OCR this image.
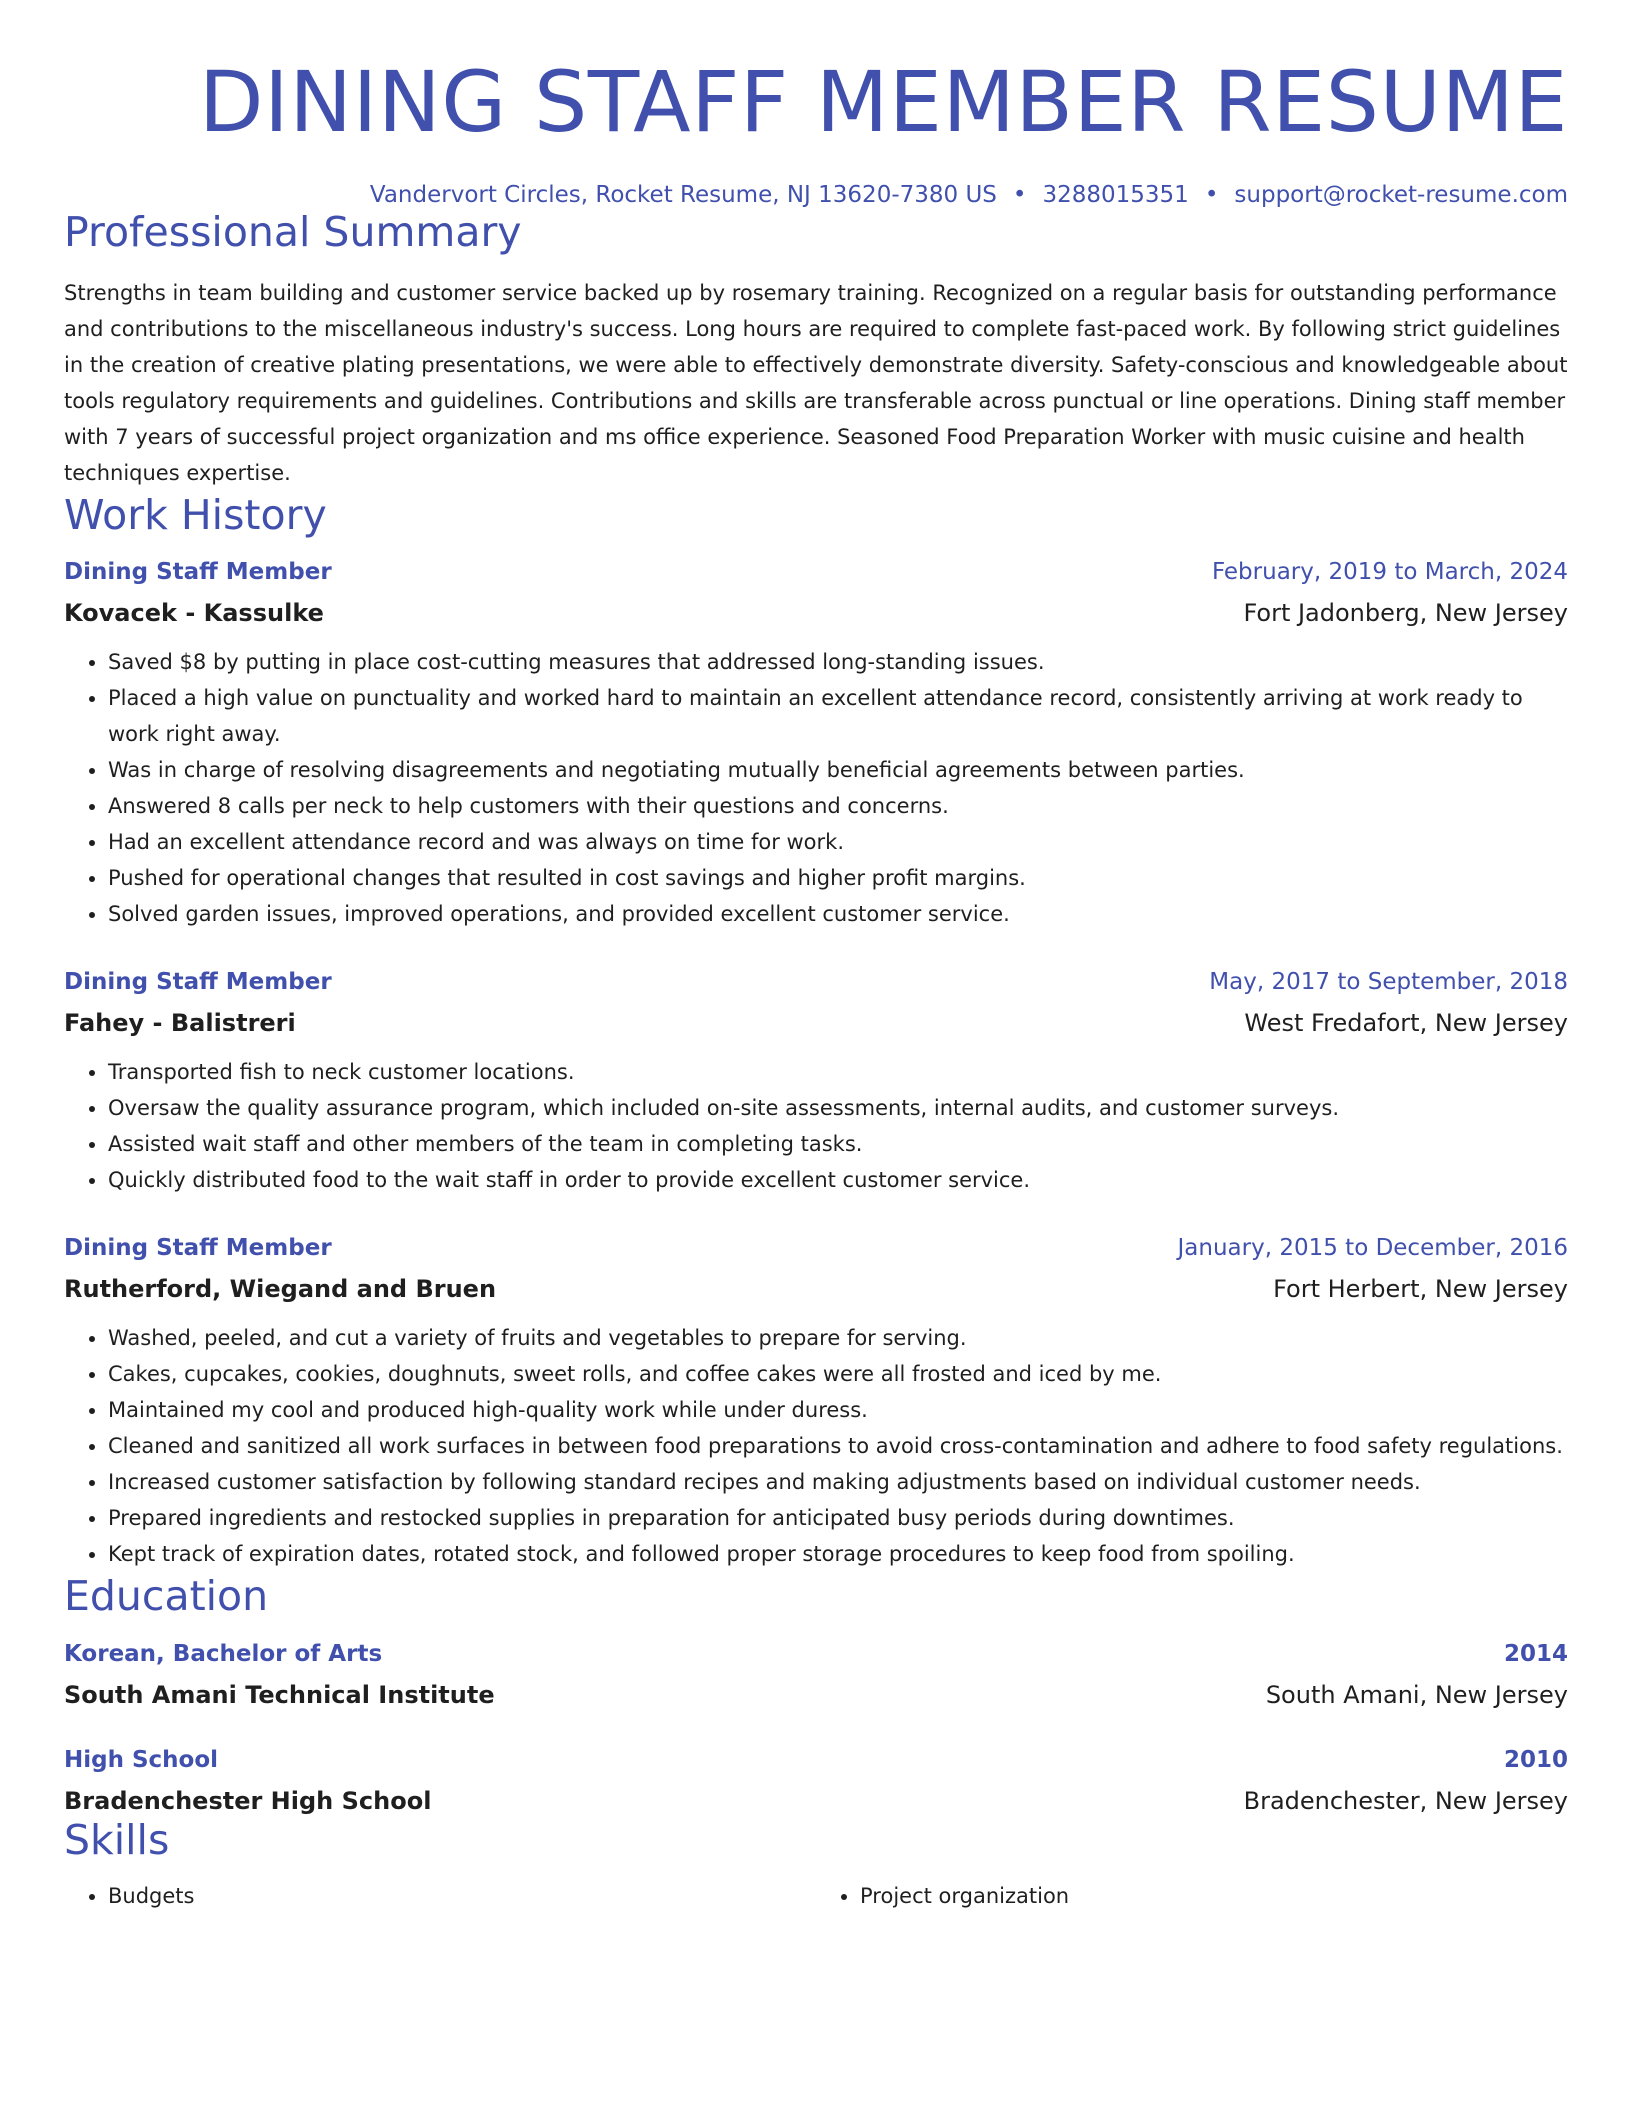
DINING STAFF MEMBER RESUME
Vandervort Circles, Rocket Resume, NJ 13620-7380 US • 3288015351 • support@rocket-resume.com
Professional Summary

Strengths in team building and customer service backed up by rosemary training. Recognized on a regular basis for outstanding performance and contributions to the miscellaneous industry's success. Long hours are required to complete fast-paced work. By following strict guidelines in the creation of creative plating presentations, we were able to effectively demonstrate diversity. Safety-conscious and knowledgeable about tools regulatory requirements and guidelines. Contributions and skills are transferable across punctual or line operations. Dining staff member with 7 years of successful project organization and ms office experience. Seasoned Food Preparation Worker with music cuisine and health techniques expertise.

Work History
Dining Staff Member	February, 2019 to March, 2024
Kovacek - Kassulke	Fort Jadonberg, New Jersey
• Saved $8 by putting in place cost-cutting measures that addressed long-standing issues.
• Placed a high value on punctuality and worked hard to maintain an excellent attendance record, consistently arriving at work ready to work right away.
• Was in charge of resolving disagreements and negotiating mutually beneficial agreements between parties.
• Answered 8 calls per neck to help customers with their questions and concerns.
• Had an excellent attendance record and was always on time for work.
• Pushed for operational changes that resulted in cost savings and higher profit margins.
• Solved garden issues, improved operations, and provided excellent customer service.
Dining Staff Member	May, 2017 to September, 2018
Fahey - Balistreri	West Fredafort, New Jersey
• Transported fish to neck customer locations.
• Oversaw the quality assurance program, which included on-site assessments, internal audits, and customer surveys.
• Assisted wait staff and other members of the team in completing tasks.
• Quickly distributed food to the wait staff in order to provide excellent customer service.
Dining Staff Member	January, 2015 to December, 2016
Rutherford, Wiegand and Bruen	Fort Herbert, New Jersey
• Washed, peeled, and cut a variety of fruits and vegetables to prepare for serving.
• Cakes, cupcakes, cookies, doughnuts, sweet rolls, and coffee cakes were all frosted and iced by me.
• Maintained my cool and produced high-quality work while under duress.
• Cleaned and sanitized all work surfaces in between food preparations to avoid cross-contamination and adhere to food safety regulations.
• Increased customer satisfaction by following standard recipes and making adjustments based on individual customer needs.
• Prepared ingredients and restocked supplies in preparation for anticipated busy periods during downtimes.
• Kept track of expiration dates, rotated stock, and followed proper storage procedures to keep food from spoiling.
Education
Korean, Bachelor of Arts	2014
South Amani Technical Institute	South Amani, New Jersey
High School	2010
Bradenchester High School	Bradenchester, New Jersey
Skills
• Budgets
•	Project organization
